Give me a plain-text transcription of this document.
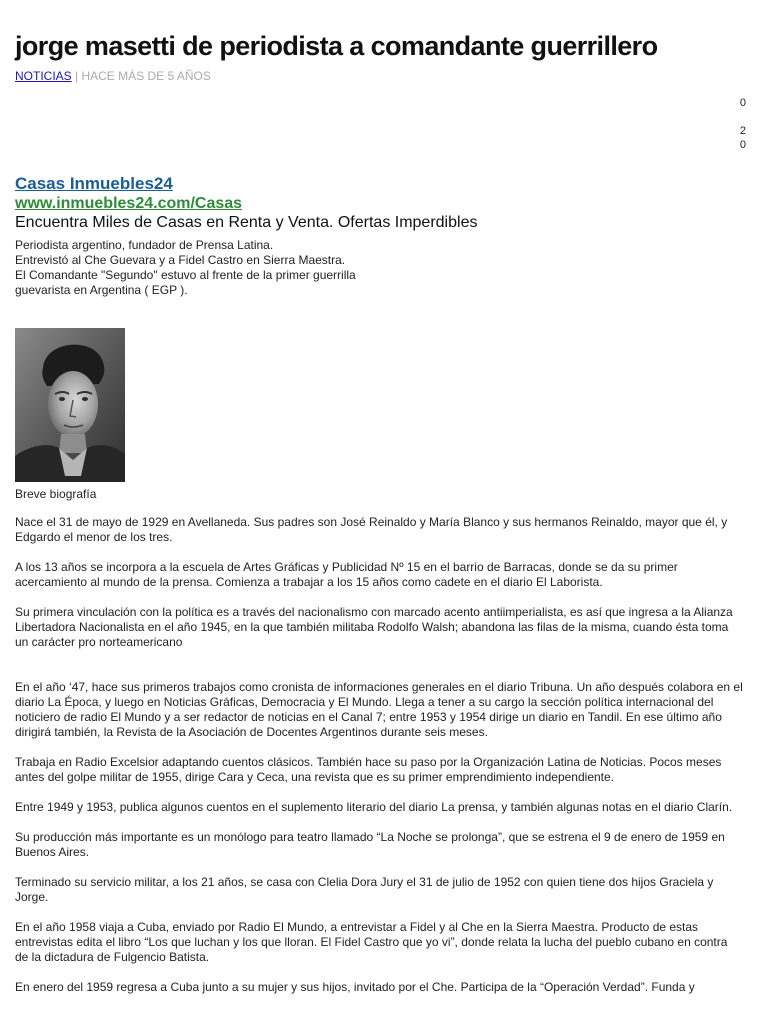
jorge masetti de periodista a comandante guerrillero
NOTICIAS | HACE MÁS DE 5 AÑOS
0
2
0
Casas Inmuebles24
www.inmuebles24.com/Casas
Encuentra Miles de Casas en Renta y Venta. Ofertas Imperdibles
Periodista argentino, fundador de Prensa Latina.
Entrevistó al Che Guevara y a Fidel Castro en Sierra Maestra.
El Comandante "Segundo" estuvo al frente de la primer guerrilla
guevarista en Argentina ( EGP ).
Breve biografía

Nace el 31 de mayo de 1929 en Avellaneda. Sus padres son José Reinaldo y María Blanco y sus hermanos Reinaldo, mayor que él, y Edgardo el menor de los tres.

A los 13 años se incorpora a la escuela de Artes Gráficas y Publicidad Nº 15 en el barrio de Barracas, donde se da su primer acercamiento al mundo de la prensa. Comienza a trabajar a los 15 años como cadete en el diario El Laborista.

Su primera vinculación con la política es a través del nacionalismo con marcado acento antiimperialista, es así que ingresa a la Alianza Libertadora Nacionalista en el año 1945, en la que también militaba Rodolfo Walsh; abandona las filas de la misma, cuando ésta toma un carácter pro norteamericano

En el año ‘47, hace sus primeros trabajos como cronista de informaciones generales en el diario Tribuna. Un año después colabora en el diario La Época, y luego en Noticias Gráficas, Democracia y El Mundo. Llega a tener a su cargo la sección política internacional del noticiero de radio El Mundo y a ser redactor de noticias en el Canal 7; entre 1953 y 1954 dirige un diario en Tandil. En ese último año dirigirá también, la Revista de la Asociación de Docentes Argentinos durante seis meses.

Trabaja en Radio Excelsior adaptando cuentos clásicos. También hace su paso por la Organización Latina de Noticias. Pocos meses antes del golpe militar de 1955, dirige Cara y Ceca, una revista que es su primer emprendimiento independiente.

Entre 1949 y 1953, publica algunos cuentos en el suplemento literario del diario La prensa, y también algunas notas en el diario Clarín.

Su producción más importante es un monólogo para teatro llamado “La Noche se prolonga”, que se estrena el 9 de enero de 1959 en Buenos Aires.

Terminado su servicio militar, a los 21 años, se casa con Clelia Dora Jury el 31 de julio de 1952 con quien tiene dos hijos Graciela y Jorge.

En el año 1958 viaja a Cuba, enviado por Radio El Mundo, a entrevistar a Fidel y al Che en la Sierra Maestra. Producto de estas entrevistas edita el libro “Los que luchan y los que lloran. El Fidel Castro que yo vi”, donde relata la lucha del pueblo cubano en contra de la dictadura de Fulgencio Batista.

En enero del 1959 regresa a Cuba junto a su mujer y sus hijos, invitado por el Che. Participa de la “Operación Verdad”. Funda y
